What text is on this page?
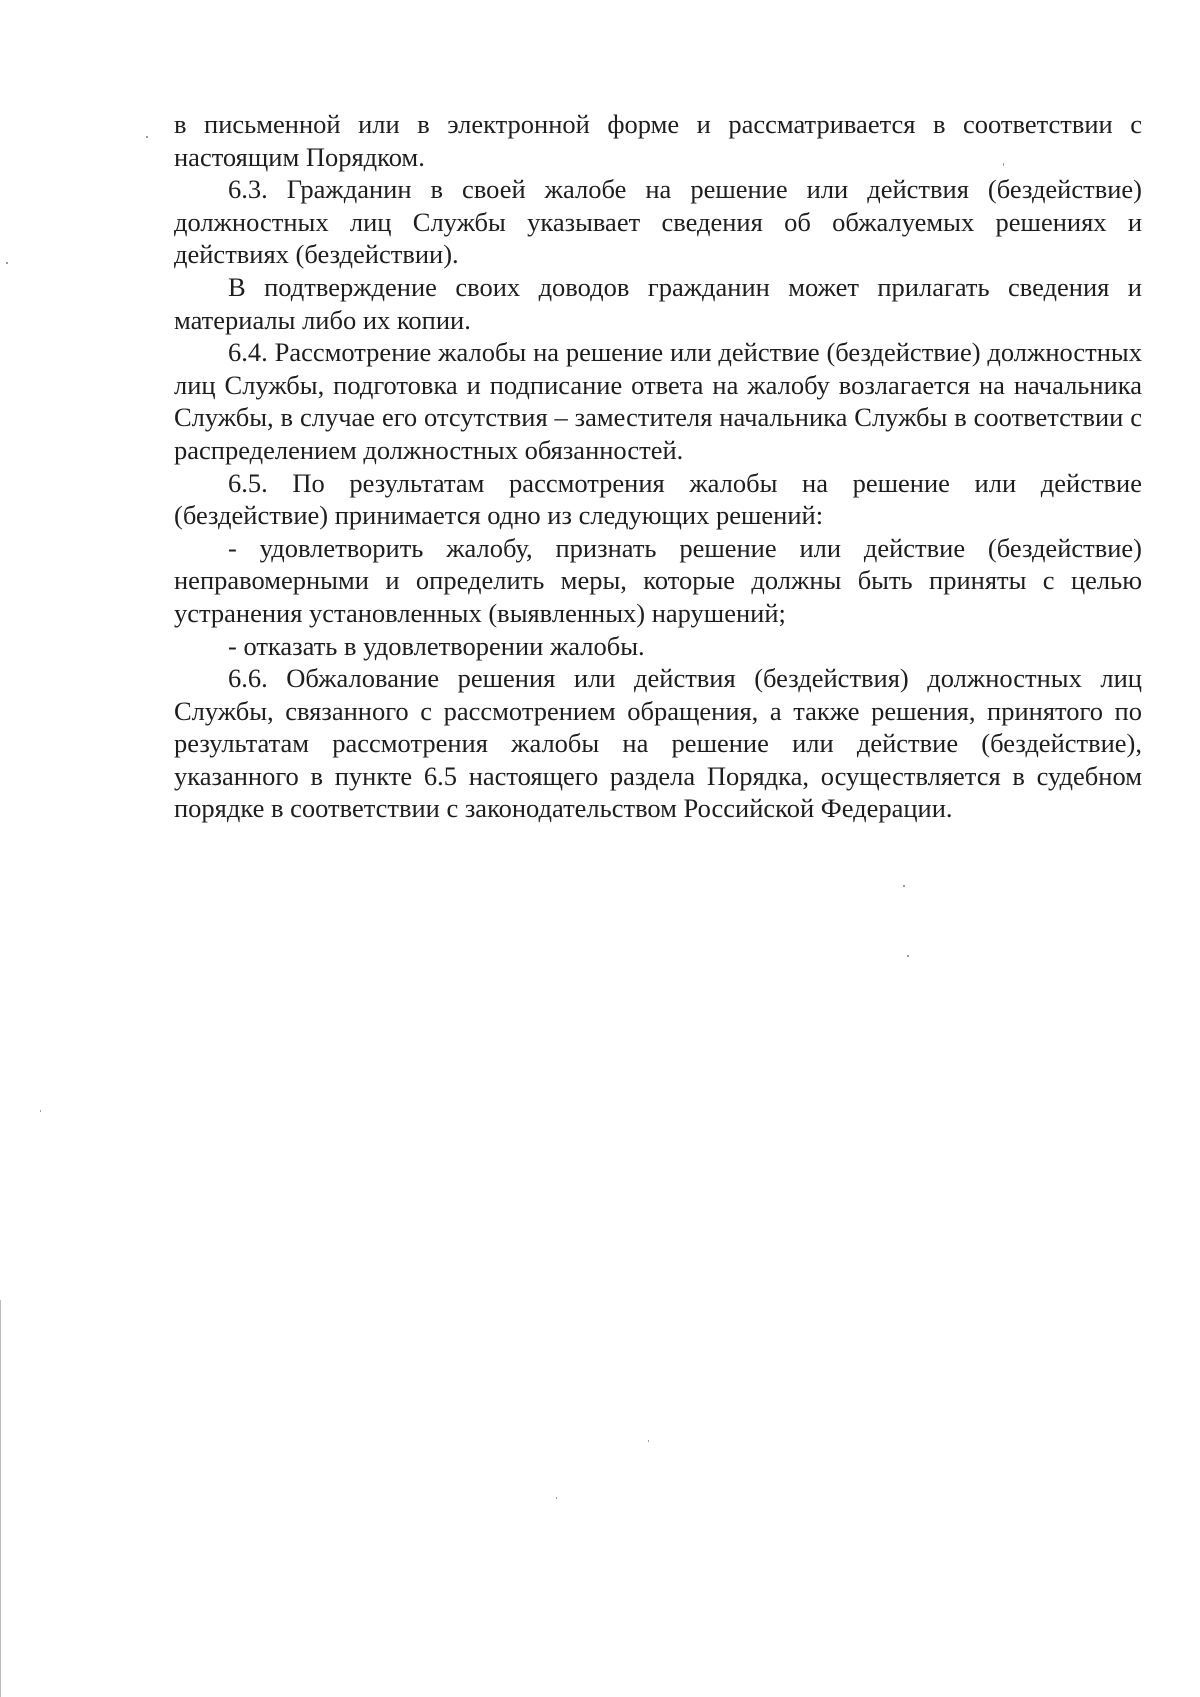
в письменной или в электронной форме и рассматривается в соответствии с настоящим Порядком.

6.3. Гражданин в своей жалобе на решение или действия (бездействие) должностных лиц Службы указывает сведения об обжалуемых решениях и действиях (бездействии).

В подтверждение своих доводов гражданин может прилагать сведения и материалы либо их копии.

6.4. Рассмотрение жалобы на решение или действие (бездействие) должностных лиц Службы, подготовка и подписание ответа на жалобу возлагается на начальника Службы, в случае его отсутствия – заместителя начальника Службы в соответствии с распределением должностных обязанностей.

6.5. По результатам рассмотрения жалобы на решение или действие (бездействие) принимается одно из следующих решений:

- удовлетворить жалобу, признать решение или действие (бездействие) неправомерными и определить меры, которые должны быть приняты с целью устранения установленных (выявленных) нарушений;

- отказать в удовлетворении жалобы.

6.6. Обжалование решения или действия (бездействия) должностных лиц Службы, связанного с рассмотрением обращения, а также решения, принятого по результатам рассмотрения жалобы на решение или действие (бездействие), указанного в пункте 6.5 настоящего раздела Порядка, осуществляется в судебном порядке в соответствии с законодательством Российской Федерации.
